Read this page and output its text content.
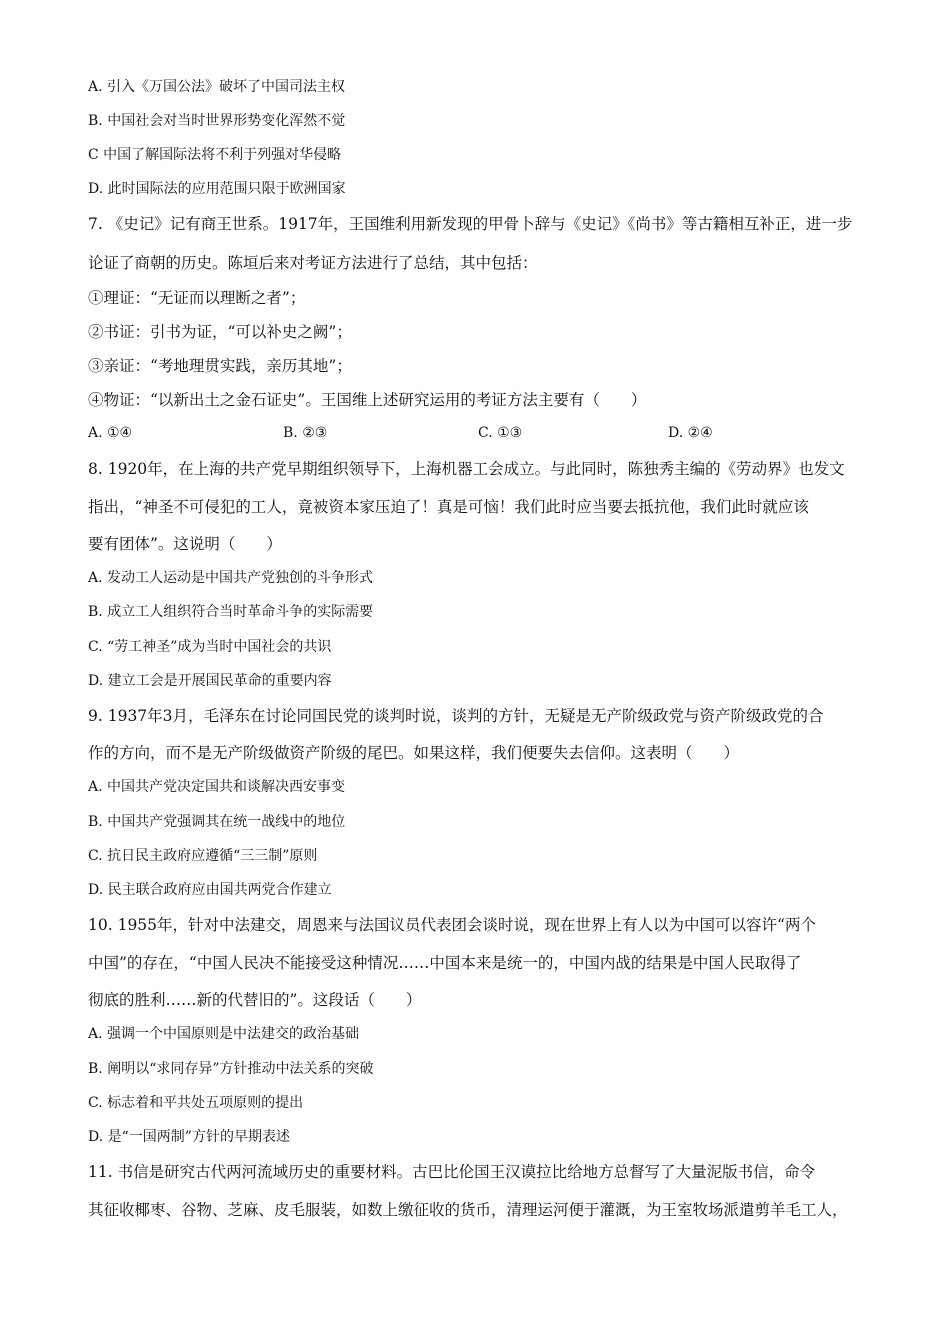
A. 引入《万国公法》破坏了中国司法主权
B. 中国社会对当时世界形势变化浑然不觉
C 中国了解国际法将不利于列强对华侵略
D. 此时国际法的应用范围只限于欧洲国家
7. 《史记》记有商王世系。1917年，王国维利用新发现的甲骨卜辞与《史记》《尚书》等古籍相互补正，进一步
论证了商朝的历史。陈垣后来对考证方法进行了总结，其中包括：
①理证：“无证而以理断之者”；
②书证：引书为证，“可以补史之阙”；
③亲证：“考地理贯实践，亲历其地”；
④物证：“以新出土之金石证史”。王国维上述研究运用的考证方法主要有（　　）
A. ①④	B. ②③	C. ①③	D. ②④
8. 1920年，在上海的共产党早期组织领导下，上海机器工会成立。与此同时，陈独秀主编的《劳动界》也发文
指出，“神圣不可侵犯的工人，竟被资本家压迫了！真是可恼！我们此时应当要去抵抗他，我们此时就应该
要有团体”。这说明（　　）
A. 发动工人运动是中国共产党独创的斗争形式
B. 成立工人组织符合当时革命斗争的实际需要
C. “劳工神圣”成为当时中国社会的共识
D. 建立工会是开展国民革命的重要内容
9. 1937年3月，毛泽东在讨论同国民党的谈判时说，谈判的方针，无疑是无产阶级政党与资产阶级政党的合
作的方向，而不是无产阶级做资产阶级的尾巴。如果这样，我们便要失去信仰。这表明（　　）
A. 中国共产党决定国共和谈解决西安事变
B. 中国共产党强调其在统一战线中的地位
C. 抗日民主政府应遵循“三三制”原则
D. 民主联合政府应由国共两党合作建立
10. 1955年，针对中法建交，周恩来与法国议员代表团会谈时说，现在世界上有人以为中国可以容许“两个
中国”的存在，“中国人民决不能接受这种情况……中国本来是统一的，中国内战的结果是中国人民取得了
彻底的胜利……新的代替旧的”。这段话（　　）
A. 强调一个中国原则是中法建交的政治基础
B. 阐明以“求同存异”方针推动中法关系的突破
C. 标志着和平共处五项原则的提出
D. 是“一国两制”方针的早期表述
11. 书信是研究古代两河流域历史的重要材料。古巴比伦国王汉谟拉比给地方总督写了大量泥版书信，命令
其征收椰枣、谷物、芝麻、皮毛服装，如数上缴征收的货币，清理运河便于灌溉，为王室牧场派遣剪羊毛工人，
